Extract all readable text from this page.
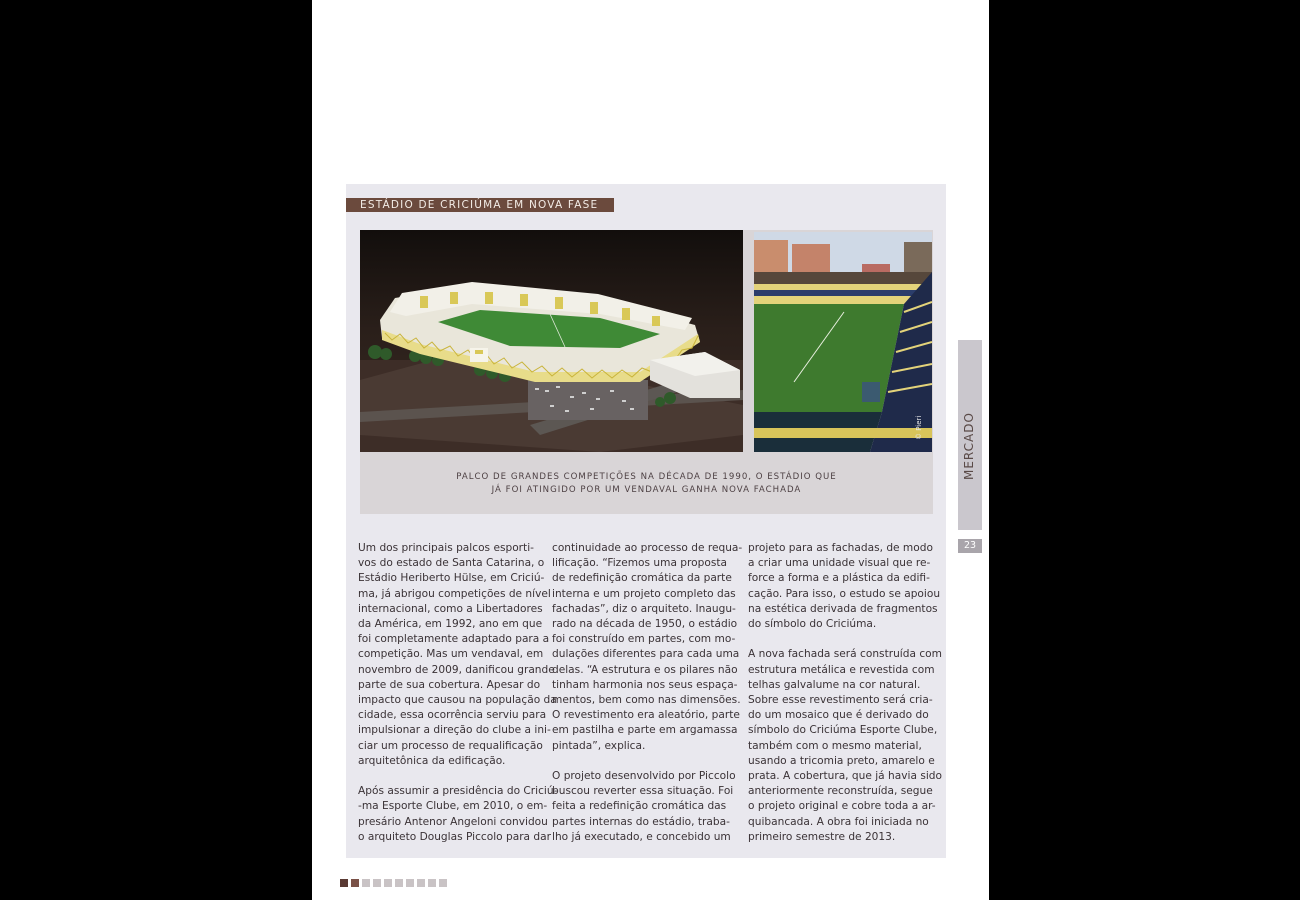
ESTÁDIO DE CRICIÚMA EM NOVA FASE
© Pieri
PALCO DE GRANDES COMPETIÇÕES NA DÉCADA DE 1990, O ESTÁDIO QUE
JÁ FOI ATINGIDO POR UM VENDAVAL GANHA NOVA FACHADA

Um dos principais palcos esporti-
vos do estado de Santa Catarina, o
Estádio Heriberto Hülse, em Criciú-
ma, já abrigou competições de nível
internacional, como a Libertadores
da América, em 1992, ano em que
foi completamente adaptado para a
competição. Mas um vendaval, em
novembro de 2009, danificou grande
parte de sua cobertura. Apesar do
impacto que causou na população da
cidade, essa ocorrência serviu para
impulsionar a direção do clube a ini-
ciar um processo de requalificação
arquitetônica da edificação.

Após assumir a presidência do Criciú-
-ma Esporte Clube, em 2010, o em-
presário Antenor Angeloni convidou
o arquiteto Douglas Piccolo para dar

continuidade ao processo de requa-
lificação. “Fizemos uma proposta
de redefinição cromática da parte
interna e um projeto completo das
fachadas”, diz o arquiteto. Inaugu-
rado na década de 1950, o estádio
foi construído em partes, com mo-
dulações diferentes para cada uma
delas. “A estrutura e os pilares não
tinham harmonia nos seus espaça-
mentos, bem como nas dimensões.
O revestimento era aleatório, parte
em pastilha e parte em argamassa
pintada”, explica.

O projeto desenvolvido por Piccolo
buscou reverter essa situação. Foi
feita a redefinição cromática das
partes internas do estádio, traba-
lho já executado, e concebido um

projeto para as fachadas, de modo
a criar uma unidade visual que re-
force a forma e a plástica da edifi-
cação. Para isso, o estudo se apoiou
na estética derivada de fragmentos
do símbolo do Criciúma.

A nova fachada será construída com
estrutura metálica e revestida com
telhas galvalume na cor natural.
Sobre esse revestimento será cria-
do um mosaico que é derivado do
símbolo do Criciúma Esporte Clube,
também com o mesmo material,
usando a tricomia preto, amarelo e
prata. A cobertura, que já havia sido
anteriormente reconstruída, segue
o projeto original e cobre toda a ar-
quibancada. A obra foi iniciada no
primeiro semestre de 2013.

MERCADO
23
